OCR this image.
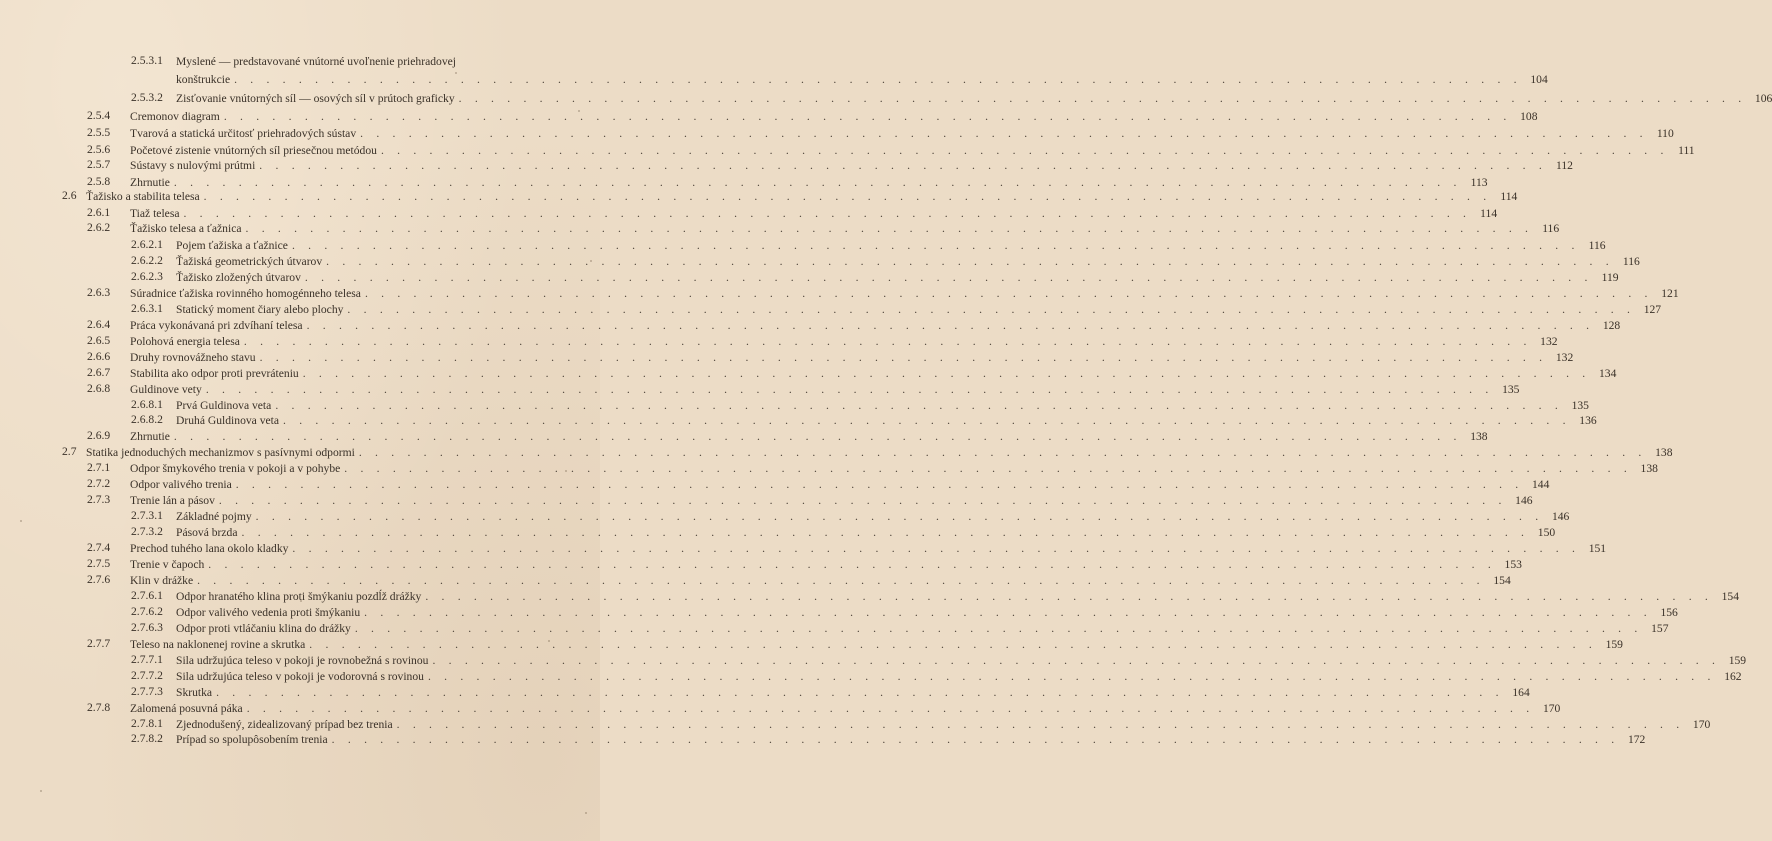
2.5.3.1 Myslené — predstavované vnútorné uvoľnenie priehradovej
konštrukcie . . . . . . . . . . . . . . . . . . . . . . . . . . . . . . . . . . . . . . . . . . . . . . . . . . . . . . . . . . . . . . . . . . . . . . . . . . . . . . . . 104
2.5.3.2 Zisťovanie vnútorných síl — osových síl v prútoch graficky . . . . . . . . . . . . . . . . . . . . . . . . . . . . . . . . . . . . . . . . . . . . . . . . . . . . . . . . . . . . . . . . . . . . . . . . . . . . . . . . 106
2.5.4 Cremonov diagram . . . . . . . . . . . . . . . . . . . . . . . . . . . . . . . . . . . . . . . . . . . . . . . . . . . . . . . . . . . . . . . . . . . . . . . . . . . . . . . . 108
2.5.5 Tvarová a statická určitosť priehradových sústav . . . . . . . . . . . . . . . . . . . . . . . . . . . . . . . . . . . . . . . . . . . . . . . . . . . . . . . . . . . . . . . . . . . . . . . . . . . . . . . . 110
2.5.6 Početové zistenie vnútorných síl priesečnou metódou . . . . . . . . . . . . . . . . . . . . . . . . . . . . . . . . . . . . . . . . . . . . . . . . . . . . . . . . . . . . . . . . . . . . . . . . . . . . . . . . 111
2.5.7 Sústavy s nulovými prútmi . . . . . . . . . . . . . . . . . . . . . . . . . . . . . . . . . . . . . . . . . . . . . . . . . . . . . . . . . . . . . . . . . . . . . . . . . . . . . . . . 112
2.5.8 Zhrnutie . . . . . . . . . . . . . . . . . . . . . . . . . . . . . . . . . . . . . . . . . . . . . . . . . . . . . . . . . . . . . . . . . . . . . . . . . . . . . . . . 113
2.6 Ťažisko a stabilita telesa . . . . . . . . . . . . . . . . . . . . . . . . . . . . . . . . . . . . . . . . . . . . . . . . . . . . . . . . . . . . . . . . . . . . . . . . . . . . . . . . 114
2.6.1 Tiaž telesa . . . . . . . . . . . . . . . . . . . . . . . . . . . . . . . . . . . . . . . . . . . . . . . . . . . . . . . . . . . . . . . . . . . . . . . . . . . . . . . . 114
2.6.2 Ťažisko telesa a ťažnica . . . . . . . . . . . . . . . . . . . . . . . . . . . . . . . . . . . . . . . . . . . . . . . . . . . . . . . . . . . . . . . . . . . . . . . . . . . . . . . . 116
2.6.2.1 Pojem ťažiska a ťažnice . . . . . . . . . . . . . . . . . . . . . . . . . . . . . . . . . . . . . . . . . . . . . . . . . . . . . . . . . . . . . . . . . . . . . . . . . . . . . . . . 116
2.6.2.2 Ťažiská geometrických útvarov . . . . . . . . . . . . . . . . . . . . . . . . . . . . . . . . . . . . . . . . . . . . . . . . . . . . . . . . . . . . . . . . . . . . . . . . . . . . . . . . 116
2.6.2.3 Ťažisko zložených útvarov . . . . . . . . . . . . . . . . . . . . . . . . . . . . . . . . . . . . . . . . . . . . . . . . . . . . . . . . . . . . . . . . . . . . . . . . . . . . . . . . 119
2.6.3 Súradnice ťažiska rovinného homogénneho telesa . . . . . . . . . . . . . . . . . . . . . . . . . . . . . . . . . . . . . . . . . . . . . . . . . . . . . . . . . . . . . . . . . . . . . . . . . . . . . . . . 121
2.6.3.1 Statický moment čiary alebo plochy . . . . . . . . . . . . . . . . . . . . . . . . . . . . . . . . . . . . . . . . . . . . . . . . . . . . . . . . . . . . . . . . . . . . . . . . . . . . . . . . 127
2.6.4 Práca vykonávaná pri zdvíhaní telesa . . . . . . . . . . . . . . . . . . . . . . . . . . . . . . . . . . . . . . . . . . . . . . . . . . . . . . . . . . . . . . . . . . . . . . . . . . . . . . . . 128
2.6.5 Polohová energia telesa . . . . . . . . . . . . . . . . . . . . . . . . . . . . . . . . . . . . . . . . . . . . . . . . . . . . . . . . . . . . . . . . . . . . . . . . . . . . . . . . 132
2.6.6 Druhy rovnovážneho stavu . . . . . . . . . . . . . . . . . . . . . . . . . . . . . . . . . . . . . . . . . . . . . . . . . . . . . . . . . . . . . . . . . . . . . . . . . . . . . . . . 132
2.6.7 Stabilita ako odpor proti prevráteniu . . . . . . . . . . . . . . . . . . . . . . . . . . . . . . . . . . . . . . . . . . . . . . . . . . . . . . . . . . . . . . . . . . . . . . . . . . . . . . . . 134
2.6.8 Guldinove vety . . . . . . . . . . . . . . . . . . . . . . . . . . . . . . . . . . . . . . . . . . . . . . . . . . . . . . . . . . . . . . . . . . . . . . . . . . . . . . . . 135
2.6.8.1 Prvá Guldinova veta . . . . . . . . . . . . . . . . . . . . . . . . . . . . . . . . . . . . . . . . . . . . . . . . . . . . . . . . . . . . . . . . . . . . . . . . . . . . . . . . 135
2.6.8.2 Druhá Guldinova veta . . . . . . . . . . . . . . . . . . . . . . . . . . . . . . . . . . . . . . . . . . . . . . . . . . . . . . . . . . . . . . . . . . . . . . . . . . . . . . . . 136
2.6.9 Zhrnutie . . . . . . . . . . . . . . . . . . . . . . . . . . . . . . . . . . . . . . . . . . . . . . . . . . . . . . . . . . . . . . . . . . . . . . . . . . . . . . . . 138
2.7 Statika jednoduchých mechanizmov s pasívnymi odpormi . . . . . . . . . . . . . . . . . . . . . . . . . . . . . . . . . . . . . . . . . . . . . . . . . . . . . . . . . . . . . . . . . . . . . . . . . . . . . . . . 138
2.7.1 Odpor šmykového trenia v pokoji a v pohybe . . . . . . . . . . . . . . . . . . . . . . . . . . . . . . . . . . . . . . . . . . . . . . . . . . . . . . . . . . . . . . . . . . . . . . . . . . . . . . . . 138
2.7.2 Odpor valivého trenia . . . . . . . . . . . . . . . . . . . . . . . . . . . . . . . . . . . . . . . . . . . . . . . . . . . . . . . . . . . . . . . . . . . . . . . . . . . . . . . . 144
2.7.3 Trenie lán a pásov . . . . . . . . . . . . . . . . . . . . . . . . . . . . . . . . . . . . . . . . . . . . . . . . . . . . . . . . . . . . . . . . . . . . . . . . . . . . . . . . 146
2.7.3.1 Základné pojmy . . . . . . . . . . . . . . . . . . . . . . . . . . . . . . . . . . . . . . . . . . . . . . . . . . . . . . . . . . . . . . . . . . . . . . . . . . . . . . . . 146
2.7.3.2 Pásová brzda . . . . . . . . . . . . . . . . . . . . . . . . . . . . . . . . . . . . . . . . . . . . . . . . . . . . . . . . . . . . . . . . . . . . . . . . . . . . . . . . 150
2.7.4 Prechod tuhého lana okolo kladky . . . . . . . . . . . . . . . . . . . . . . . . . . . . . . . . . . . . . . . . . . . . . . . . . . . . . . . . . . . . . . . . . . . . . . . . . . . . . . . . 151
2.7.5 Trenie v čapoch . . . . . . . . . . . . . . . . . . . . . . . . . . . . . . . . . . . . . . . . . . . . . . . . . . . . . . . . . . . . . . . . . . . . . . . . . . . . . . . . 153
2.7.6 Klin v drážke . . . . . . . . . . . . . . . . . . . . . . . . . . . . . . . . . . . . . . . . . . . . . . . . . . . . . . . . . . . . . . . . . . . . . . . . . . . . . . . . 154
2.7.6.1 Odpor hranatého klina proti šmýkaniu pozdĺž drážky . . . . . . . . . . . . . . . . . . . . . . . . . . . . . . . . . . . . . . . . . . . . . . . . . . . . . . . . . . . . . . . . . . . . . . . . . . . . . . . . 154
2.7.6.2 Odpor valivého vedenia proti šmýkaniu . . . . . . . . . . . . . . . . . . . . . . . . . . . . . . . . . . . . . . . . . . . . . . . . . . . . . . . . . . . . . . . . . . . . . . . . . . . . . . . . 156
2.7.6.3 Odpor proti vtláčaniu klina do drážky . . . . . . . . . . . . . . . . . . . . . . . . . . . . . . . . . . . . . . . . . . . . . . . . . . . . . . . . . . . . . . . . . . . . . . . . . . . . . . . . 157
2.7.7 Teleso na naklonenej rovine a skrutka . . . . . . . . . . . . . . . . . . . . . . . . . . . . . . . . . . . . . . . . . . . . . . . . . . . . . . . . . . . . . . . . . . . . . . . . . . . . . . . . 159
2.7.7.1 Sila udržujúca teleso v pokoji je rovnobežná s rovinou . . . . . . . . . . . . . . . . . . . . . . . . . . . . . . . . . . . . . . . . . . . . . . . . . . . . . . . . . . . . . . . . . . . . . . . . . . . . . . . . 159
2.7.7.2 Sila udržujúca teleso v pokoji je vodorovná s rovinou . . . . . . . . . . . . . . . . . . . . . . . . . . . . . . . . . . . . . . . . . . . . . . . . . . . . . . . . . . . . . . . . . . . . . . . . . . . . . . . . 162
2.7.7.3 Skrutka . . . . . . . . . . . . . . . . . . . . . . . . . . . . . . . . . . . . . . . . . . . . . . . . . . . . . . . . . . . . . . . . . . . . . . . . . . . . . . . . 164
2.7.8 Zalomená posuvná páka . . . . . . . . . . . . . . . . . . . . . . . . . . . . . . . . . . . . . . . . . . . . . . . . . . . . . . . . . . . . . . . . . . . . . . . . . . . . . . . . 170
2.7.8.1 Zjednodušený, zidealizovaný prípad bez trenia . . . . . . . . . . . . . . . . . . . . . . . . . . . . . . . . . . . . . . . . . . . . . . . . . . . . . . . . . . . . . . . . . . . . . . . . . . . . . . . . 170
2.7.8.2 Prípad so spolupôsobením trenia . . . . . . . . . . . . . . . . . . . . . . . . . . . . . . . . . . . . . . . . . . . . . . . . . . . . . . . . . . . . . . . . . . . . . . . . . . . . . . . . 172
